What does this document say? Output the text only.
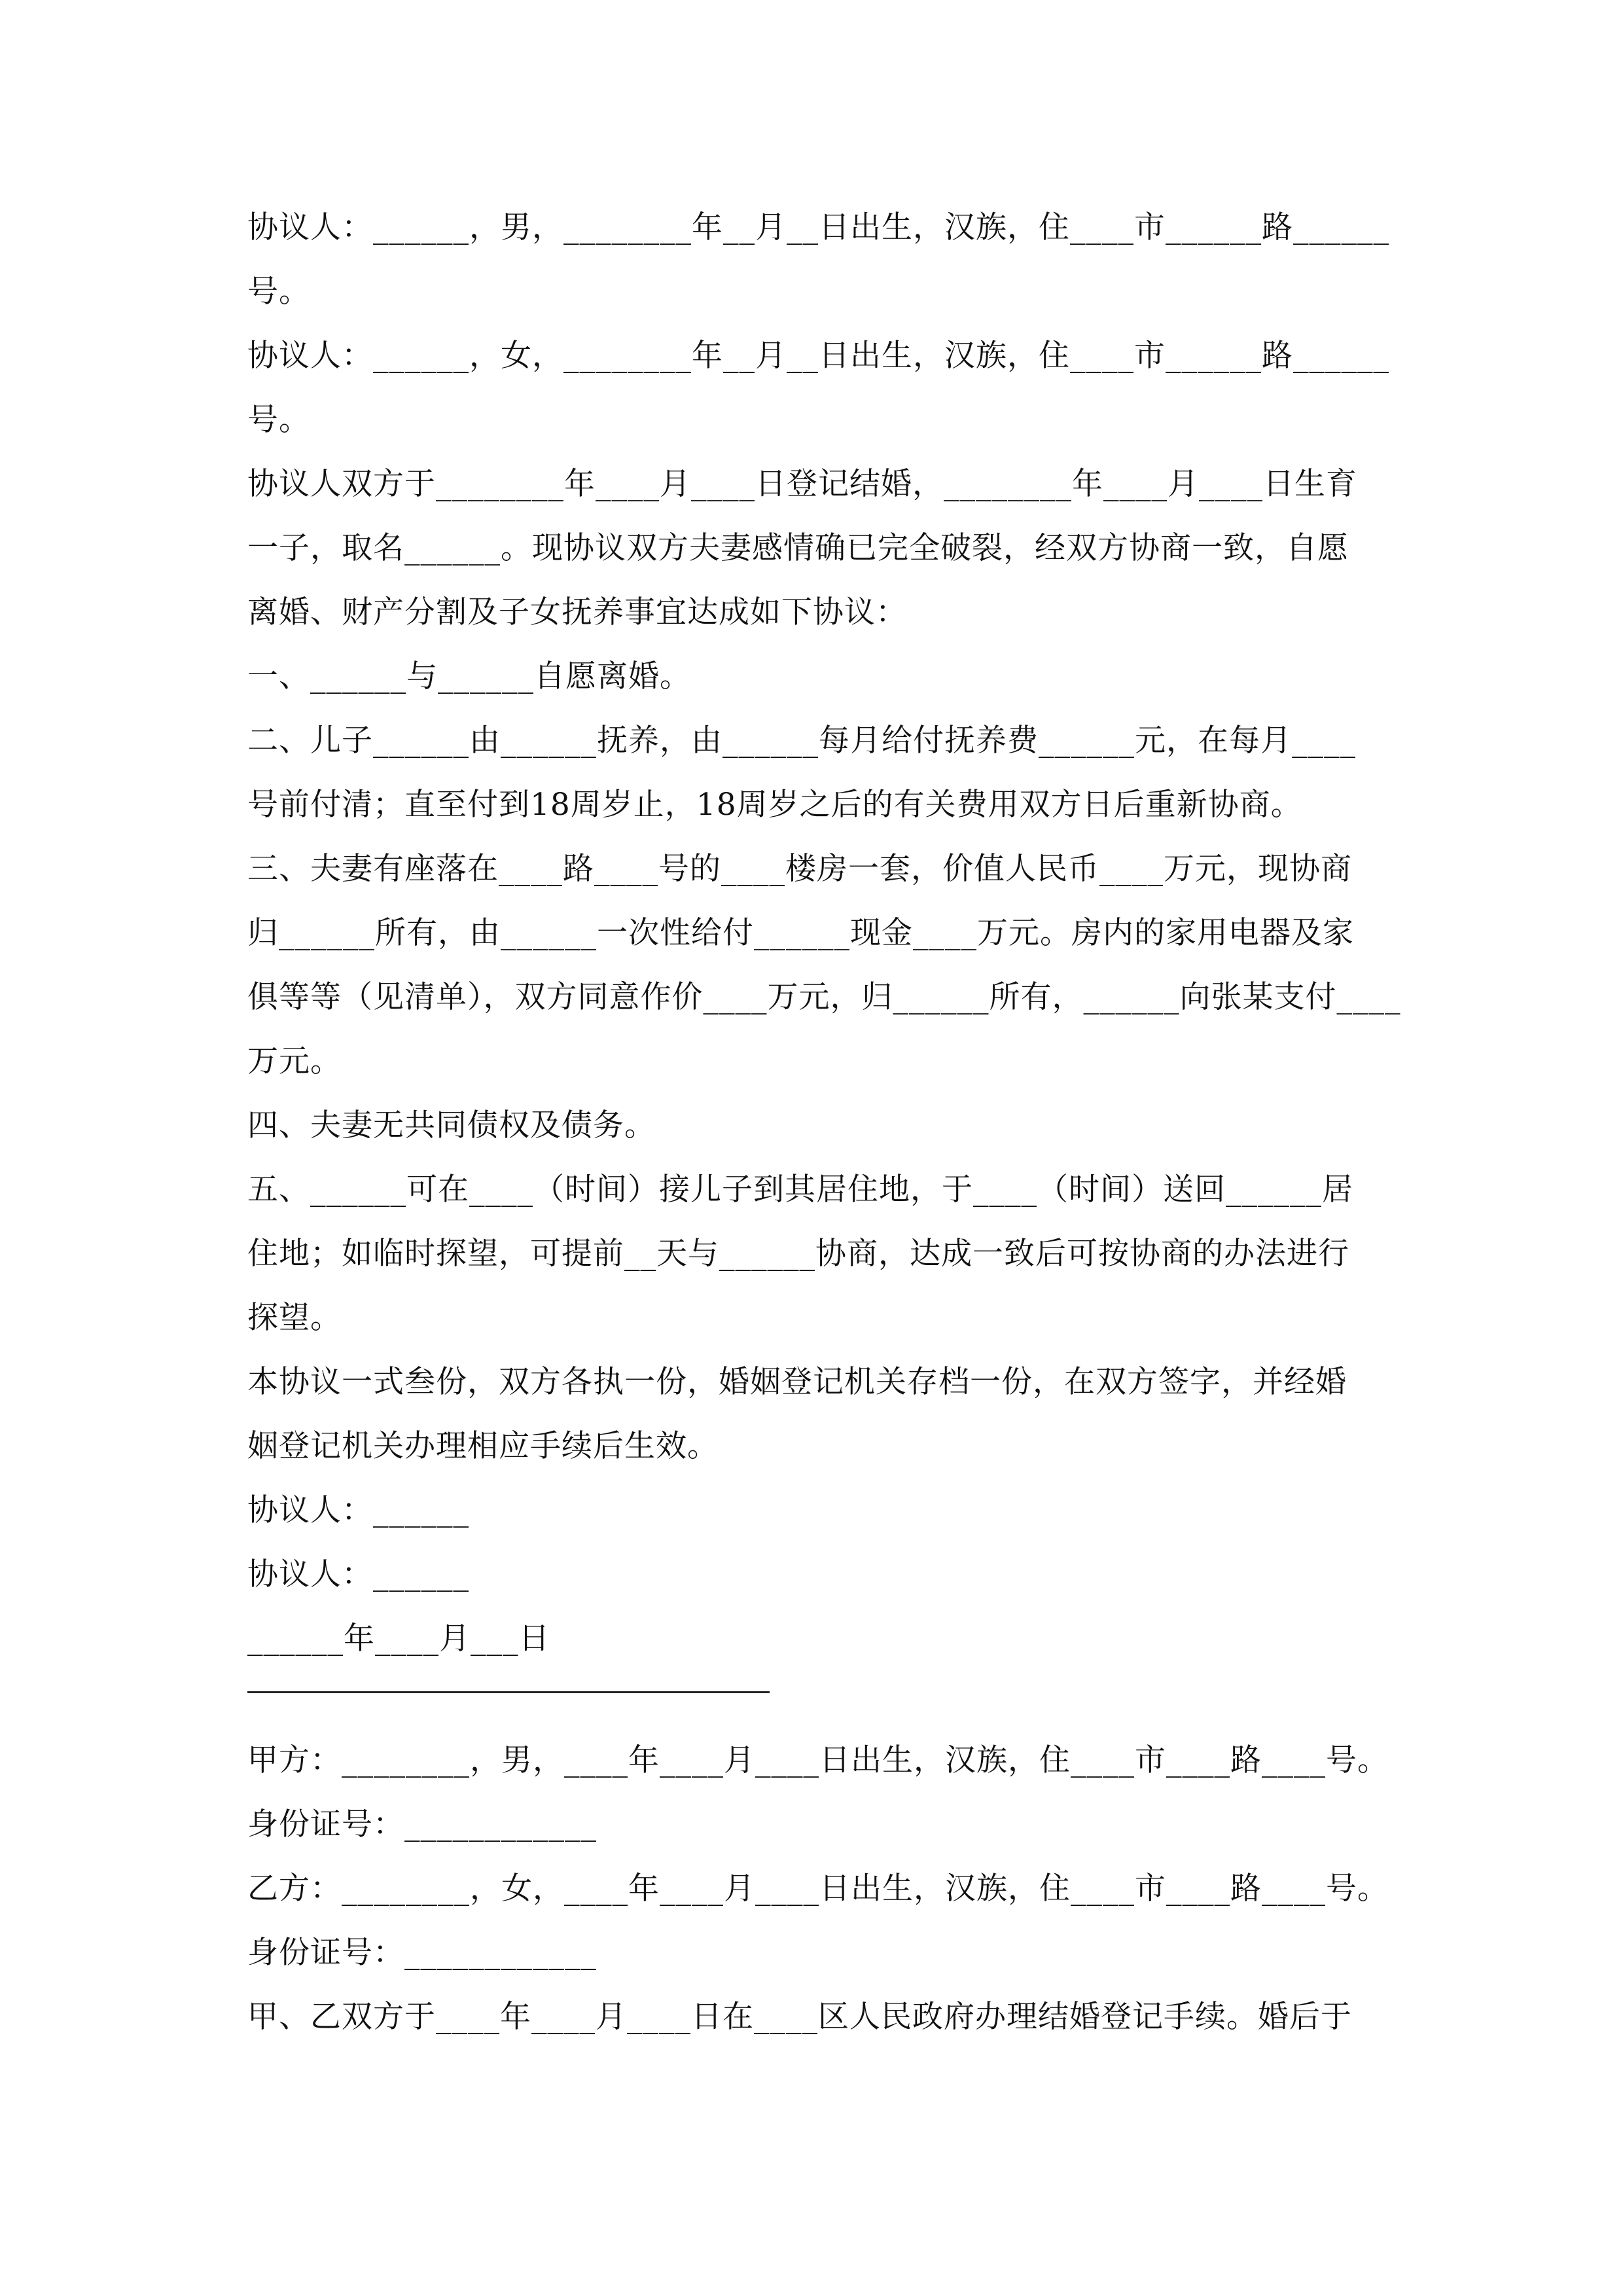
协议人：______，男，________年__月__日出生，汉族，住____市______路______
号。
协议人：______，女，________年__月__日出生，汉族，住____市______路______
号。
协议人双方于________年____月____日登记结婚，________年____月____日生育
一子，取名______。现协议双方夫妻感情确已完全破裂，经双方协商一致，自愿
离婚、财产分割及子女抚养事宜达成如下协议：
一、______与______自愿离婚。
二、儿子______由______抚养，由______每月给付抚养费______元，在每月____
号前付清；直至付到18周岁止，18周岁之后的有关费用双方日后重新协商。
三、夫妻有座落在____路____号的____楼房一套，价值人民币____万元，现协商
归______所有，由______一次性给付______现金____万元。房内的家用电器及家
俱等等（见清单），双方同意作价____万元，归______所有，______向张某支付____
万元。
四、夫妻无共同债权及债务。
五、______可在____（时间）接儿子到其居住地，于____（时间）送回______居
住地；如临时探望，可提前__天与______协商，达成一致后可按协商的办法进行
探望。
本协议一式叁份，双方各执一份，婚姻登记机关存档一份，在双方签字，并经婚
姻登记机关办理相应手续后生效。
协议人：______
协议人：______
______年____月___日
甲方：________，男，____年____月____日出生，汉族，住____市____路____号。
身份证号：____________
乙方：________，女，____年____月____日出生，汉族，住____市____路____号。
身份证号：____________
甲、乙双方于____年____月____日在____区人民政府办理结婚登记手续。婚后于
